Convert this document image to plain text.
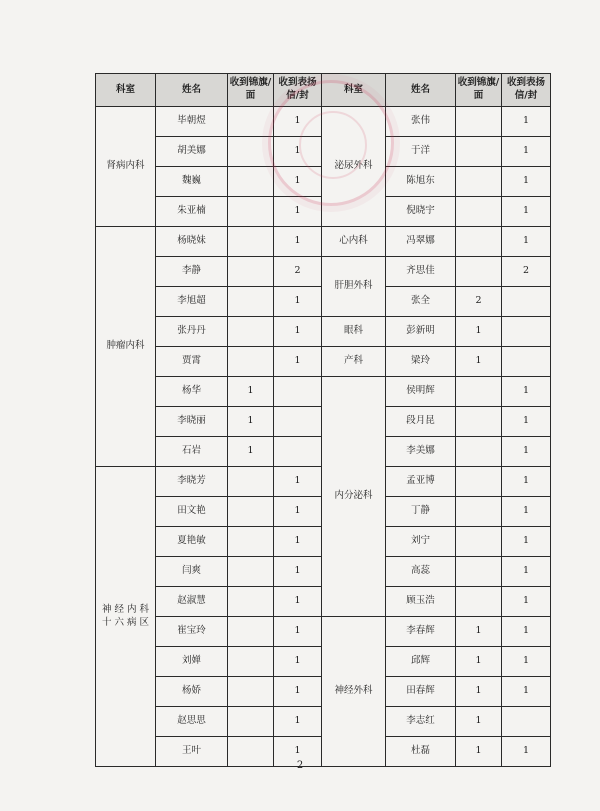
科室	姓名	收到锦旗/面	收到表扬信/封	科室	姓名	收到锦旗/面	收到表扬信/封
肾病内科	毕朝煜		1	泌尿外科	张伟		1
	胡美娜		1		于洋		1
	魏巍		1		陈旭东		1
	朱亚楠		1		倪晓宇		1
肿瘤内科	杨晓妹		1	心内科	冯翠娜		1
	李静		2	肝胆外科	齐思佳		2
	李旭超		1		张全	2	
	张丹丹		1	眼科	彭新明	1	
	贾霄		1	产科	梁玲	1	
	杨华	1		内分泌科	侯明辉		1
	李晓丽	1			段月昆		1
	石岩	1			李美娜		1
神 经 内 科 十 六 病 区	李晓芳		1		孟亚博		1
	田文艳		1		丁静		1
	夏艳敏		1		刘宁		1
	闫爽		1		高蕊		1
	赵淑慧		1		顾玉浩		1
	崔宝玲		1	神经外科	李春辉	1	1
	刘婵		1		邱辉	1	1
	杨娇		1		田春辉	1	1
	赵思思		1		李志红	1	
	王叶		1		杜磊	1	1
2
